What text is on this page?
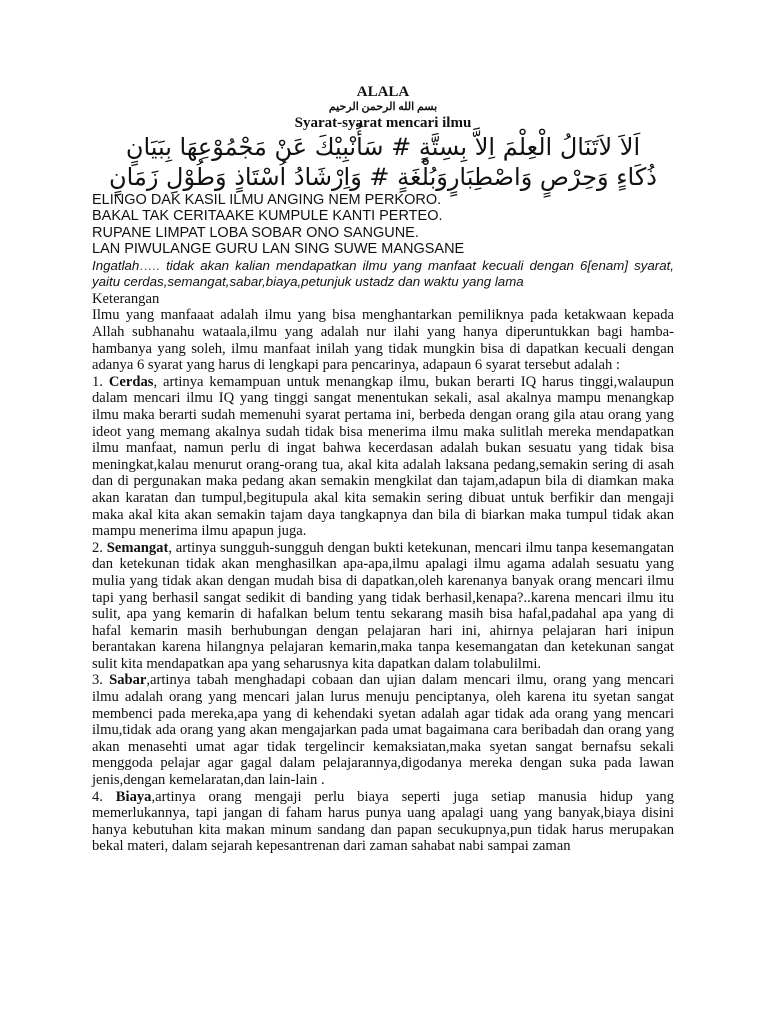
ALALA

بسم الله الرحمن الرحيم

Syarat-syarat mencari ilmu

اَلاَ لاَتَنَالُ الْعِلْمَ اِلاَّ بِسِتَّةٍ # سَأُنْبِيْكَ عَنْ مَجْمُوْعِهَا بِبَيَانٍ

ذُكَاءٍ وَحِرْصٍ وَاصْطِبَارٍوَبُلْغَةٍ # وَاِرْشَادُ اُسْتَاذٍ وَطُوْلِ زَمَانٍ

ELINGO DAK KASIL ILMU ANGING NEM PERKORO.

BAKAL TAK CERITAAKE KUMPULE KANTI PERTEO.

RUPANE LIMPAT LOBA SOBAR ONO SANGUNE.

LAN PIWULANGE GURU LAN SING SUWE MANGSANE

Ingatlah….. tidak akan kalian mendapatkan ilmu yang manfaat kecuali dengan 6[enam] syarat, yaitu cerdas,semangat,sabar,biaya,petunjuk ustadz dan waktu yang lama

Keterangan

Ilmu yang manfaaat adalah ilmu yang bisa menghantarkan pemiliknya pada ketakwaan kepada Allah subhanahu wataala,ilmu yang adalah nur ilahi yang hanya diperuntukkan bagi hamba-hambanya yang soleh, ilmu manfaat inilah yang tidak mungkin bisa di dapatkan kecuali dengan adanya 6 syarat yang harus di lengkapi para pencarinya, adapaun 6 syarat tersebut adalah :

1. Cerdas, artinya kemampuan untuk menangkap ilmu, bukan berarti IQ harus tinggi,walaupun dalam mencari ilmu IQ yang tinggi sangat menentukan sekali, asal akalnya mampu menangkap ilmu maka berarti sudah memenuhi syarat pertama ini, berbeda dengan orang gila atau orang yang ideot yang memang akalnya sudah tidak bisa menerima ilmu maka sulitlah mereka mendapatkan ilmu manfaat, namun perlu di ingat bahwa kecerdasan adalah bukan sesuatu yang tidak bisa meningkat,kalau menurut orang-orang tua, akal kita adalah laksana pedang,semakin sering di asah dan di pergunakan maka pedang akan semakin mengkilat dan tajam,adapun bila di diamkan maka akan karatan dan tumpul,begitupula akal kita semakin sering dibuat untuk berfikir dan mengaji maka akal kita akan semakin tajam daya tangkapnya dan bila di biarkan maka tumpul tidak akan mampu menerima ilmu apapun juga.

2. Semangat, artinya sungguh-sungguh dengan bukti ketekunan, mencari ilmu tanpa kesemangatan dan ketekunan tidak akan menghasilkan apa-apa,ilmu apalagi ilmu agama adalah sesuatu yang mulia yang tidak akan dengan mudah bisa di dapatkan,oleh karenanya banyak orang mencari ilmu tapi yang berhasil sangat sedikit di banding yang tidak berhasil,kenapa?..karena mencari ilmu itu sulit, apa yang kemarin di hafalkan belum tentu sekarang masih bisa hafal,padahal apa yang di hafal kemarin masih berhubungan dengan pelajaran hari ini, ahirnya pelajaran hari inipun berantakan karena hilangnya pelajaran kemarin,maka tanpa kesemangatan dan ketekunan sangat sulit kita mendapatkan apa yang seharusnya kita dapatkan dalam tolabulilmi.

3. Sabar,artinya tabah menghadapi cobaan dan ujian dalam mencari ilmu, orang yang mencari ilmu adalah orang yang mencari jalan lurus menuju penciptanya, oleh karena itu syetan sangat membenci pada mereka,apa yang di kehendaki syetan adalah agar tidak ada orang yang mencari ilmu,tidak ada orang yang akan mengajarkan pada umat bagaimana cara beribadah dan orang yang akan menasehti umat agar tidak tergelincir kemaksiatan,maka syetan sangat bernafsu sekali menggoda pelajar agar gagal dalam pelajarannya,digodanya mereka dengan suka pada lawan jenis,dengan kemelaratan,dan lain-lain .

4. Biaya,artinya orang mengaji perlu biaya seperti juga setiap manusia hidup yang memerlukannya, tapi jangan di faham harus punya uang apalagi uang yang banyak,biaya disini hanya kebutuhan kita makan minum sandang dan papan secukupnya,pun tidak harus merupakan bekal materi, dalam sejarah kepesantrenan dari zaman sahabat nabi sampai zaman
